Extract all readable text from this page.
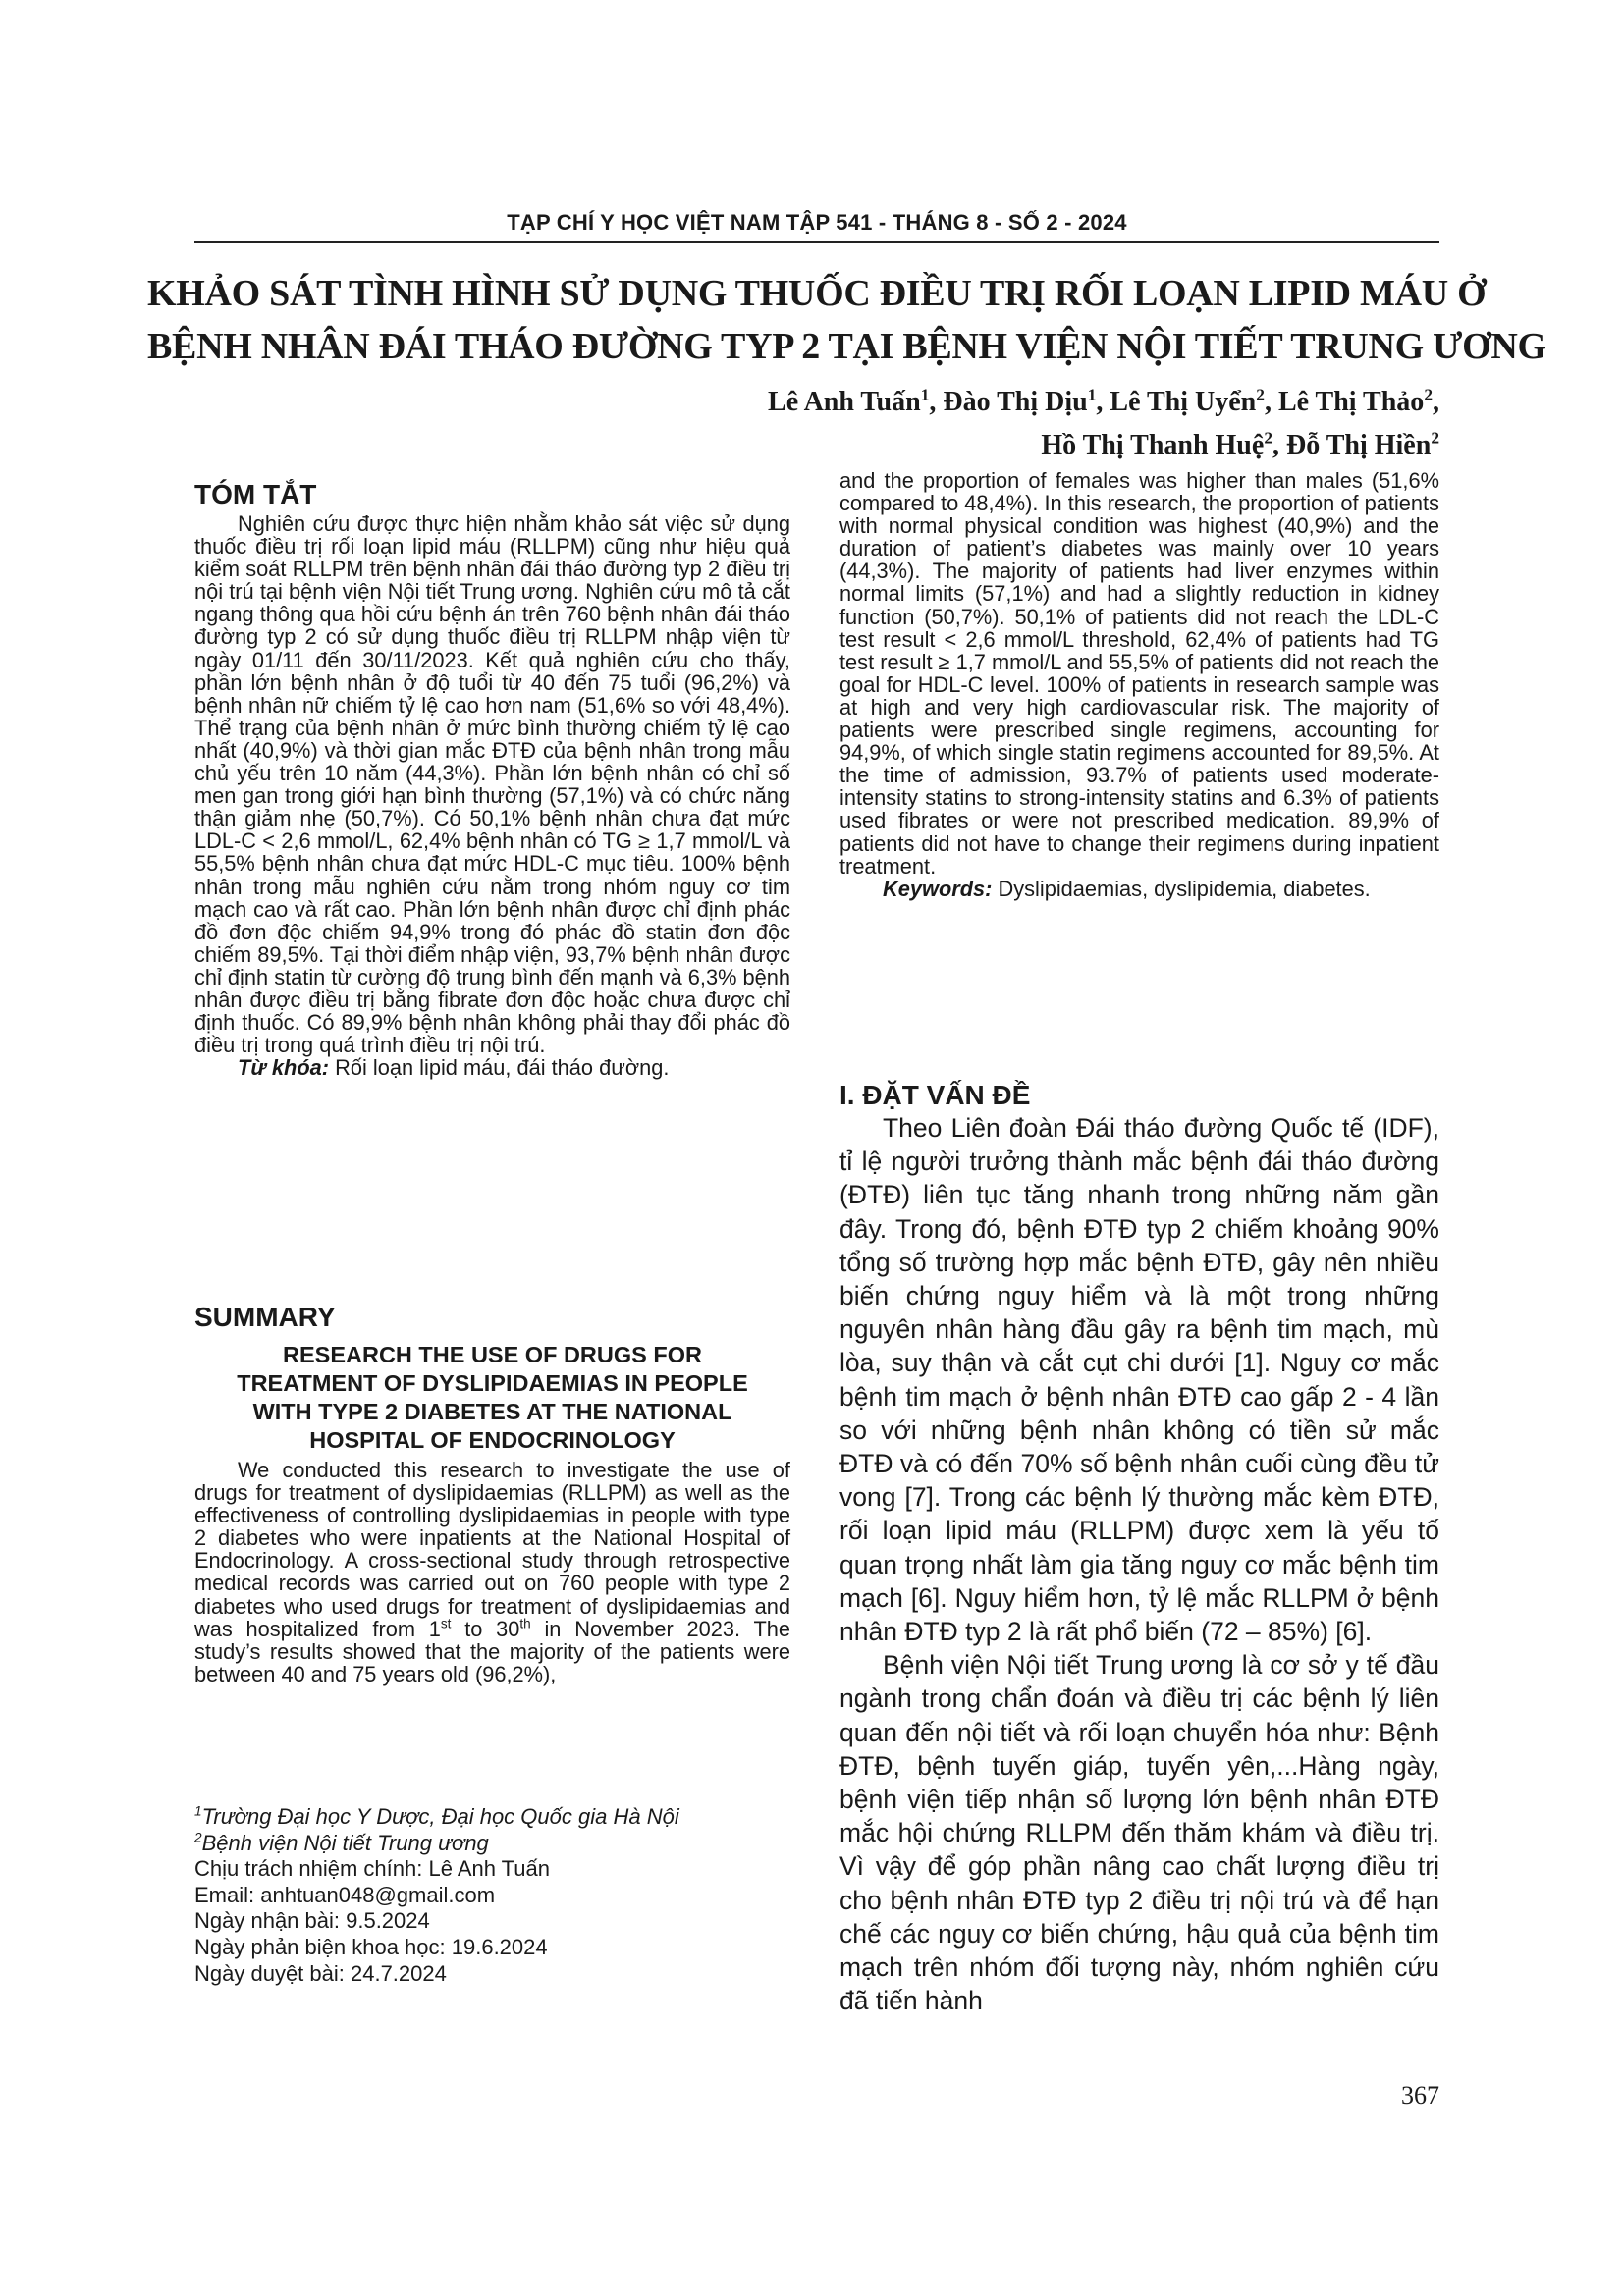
TẠP CHÍ Y HỌC VIỆT NAM TẬP 541 - THÁNG 8 - SỐ 2 - 2024
KHẢO SÁT TÌNH HÌNH SỬ DỤNG THUỐC ĐIỀU TRỊ RỐI LOẠN LIPID MÁU Ở
BỆNH NHÂN ĐÁI THÁO ĐƯỜNG TYP 2 TẠI BỆNH VIỆN NỘI TIẾT TRUNG ƯƠNG
Lê Anh Tuấn$^1$, Đào Thị Dịu$^1$, Lê Thị Uyển$^2$, Lê Thị Thảo$^2$,
Hồ Thị Thanh Huệ$^2$, Đỗ Thị Hiền$^2$
TÓM TẮT

Nghiên cứu được thực hiện nhằm khảo sát việc sử dụng thuốc điều trị rối loạn lipid máu (RLLPM) cũng như hiệu quả kiểm soát RLLPM trên bệnh nhân đái tháo đường typ 2 điều trị nội trú tại bệnh viện Nội tiết Trung ương. Nghiên cứu mô tả cắt ngang thông qua hồi cứu bệnh án trên 760 bệnh nhân đái tháo đường typ 2 có sử dụng thuốc điều trị RLLPM nhập viện từ ngày 01/11 đến 30/11/2023. Kết quả nghiên cứu cho thấy, phần lớn bệnh nhân ở độ tuổi từ 40 đến 75 tuổi (96,2%) và bệnh nhân nữ chiếm tỷ lệ cao hơn nam (51,6% so với 48,4%). Thể trạng của bệnh nhân ở mức bình thường chiếm tỷ lệ cao nhất (40,9%) và thời gian mắc ĐTĐ của bệnh nhân trong mẫu chủ yếu trên 10 năm (44,3%). Phần lớn bệnh nhân có chỉ số men gan trong giới hạn bình thường (57,1%) và có chức năng thận giảm nhẹ (50,7%). Có 50,1% bệnh nhân chưa đạt mức LDL-C < 2,6 mmol/L, 62,4% bệnh nhân có TG ≥ 1,7 mmol/L và 55,5% bệnh nhân chưa đạt mức HDL-C mục tiêu. 100% bệnh nhân trong mẫu nghiên cứu nằm trong nhóm nguy cơ tim mạch cao và rất cao. Phần lớn bệnh nhân được chỉ định phác đồ đơn độc chiếm 94,9% trong đó phác đồ statin đơn độc chiếm 89,5%. Tại thời điểm nhập viện, 93,7% bệnh nhân được chỉ định statin từ cường độ trung bình đến mạnh và 6,3% bệnh nhân được điều trị bằng fibrate đơn độc hoặc chưa được chỉ định thuốc. Có 89,9% bệnh nhân không phải thay đổi phác đồ điều trị trong quá trình điều trị nội trú.

Từ khóa: Rối loạn lipid máu, đái tháo đường.

SUMMARY
RESEARCH THE USE OF DRUGS FOR
TREATMENT OF DYSLIPIDAEMIAS IN PEOPLE
WITH TYPE 2 DIABETES AT THE NATIONAL
HOSPITAL OF ENDOCRINOLOGY

We conducted this research to investigate the use of drugs for treatment of dyslipidaemias (RLLPM) as well as the effectiveness of controlling dyslipidaemias in people with type 2 diabetes who were inpatients at the National Hospital of Endocrinology. A cross-sectional study through retrospective medical records was carried out on 760 people with type 2 diabetes who used drugs for treatment of dyslipidaemias and was hospitalized from 1st to 30th in November 2023. The study’s results showed that the majority of the patients were between 40 and 75 years old (96,2%),

$^1$Trường Đại học Y Dược, Đại học Quốc gia Hà Nội
$^2$Bệnh viện Nội tiết Trung ương
Chịu trách nhiệm chính: Lê Anh Tuấn
Email: anhtuan048@gmail.com
Ngày nhận bài: 9.5.2024
Ngày phản biện khoa học: 19.6.2024
Ngày duyệt bài: 24.7.2024

and the proportion of females was higher than males (51,6% compared to 48,4%). In this research, the proportion of patients with normal physical condition was highest (40,9%) and the duration of patient’s diabetes was mainly over 10 years (44,3%). The majority of patients had liver enzymes within normal limits (57,1%) and had a slightly reduction in kidney function (50,7%). 50,1% of patients did not reach the LDL-C test result < 2,6 mmol/L threshold, 62,4% of patients had TG test result ≥ 1,7 mmol/L and 55,5% of patients did not reach the goal for HDL-C level. 100% of patients in research sample was at high and very high cardiovascular risk. The majority of patients were prescribed single regimens, accounting for 94,9%, of which single statin regimens accounted for 89,5%. At the time of admission, 93.7% of patients used moderate-intensity statins to strong-intensity statins and 6.3% of patients used fibrates or were not prescribed medication. 89,9% of patients did not have to change their regimens during inpatient treatment.

Keywords: Dyslipidaemias, dyslipidemia, diabetes.

I. ĐẶT VẤN ĐỀ

Theo Liên đoàn Đái tháo đường Quốc tế (IDF), tỉ lệ người trưởng thành mắc bệnh đái tháo đường (ĐTĐ) liên tục tăng nhanh trong những năm gần đây. Trong đó, bệnh ĐTĐ typ 2 chiếm khoảng 90% tổng số trường hợp mắc bệnh ĐTĐ, gây nên nhiều biến chứng nguy hiểm và là một trong những nguyên nhân hàng đầu gây ra bệnh tim mạch, mù lòa, suy thận và cắt cụt chi dưới [1]. Nguy cơ mắc bệnh tim mạch ở bệnh nhân ĐTĐ cao gấp 2 - 4 lần so với những bệnh nhân không có tiền sử mắc ĐTĐ và có đến 70% số bệnh nhân cuối cùng đều tử vong [7]. Trong các bệnh lý thường mắc kèm ĐTĐ, rối loạn lipid máu (RLLPM) được xem là yếu tố quan trọng nhất làm gia tăng nguy cơ mắc bệnh tim mạch [6]. Nguy hiểm hơn, tỷ lệ mắc RLLPM ở bệnh nhân ĐTĐ typ 2 là rất phổ biến (72 – 85%) [6].

Bệnh viện Nội tiết Trung ương là cơ sở y tế đầu ngành trong chẩn đoán và điều trị các bệnh lý liên quan đến nội tiết và rối loạn chuyển hóa như: Bệnh ĐTĐ, bệnh tuyến giáp, tuyến yên,...Hàng ngày, bệnh viện tiếp nhận số lượng lớn bệnh nhân ĐTĐ mắc hội chứng RLLPM đến thăm khám và điều trị. Vì vậy để góp phần nâng cao chất lượng điều trị cho bệnh nhân ĐTĐ typ 2 điều trị nội trú và để hạn chế các nguy cơ biến chứng, hậu quả của bệnh tim mạch trên nhóm đối tượng này, nhóm nghiên cứu đã tiến hành

367
